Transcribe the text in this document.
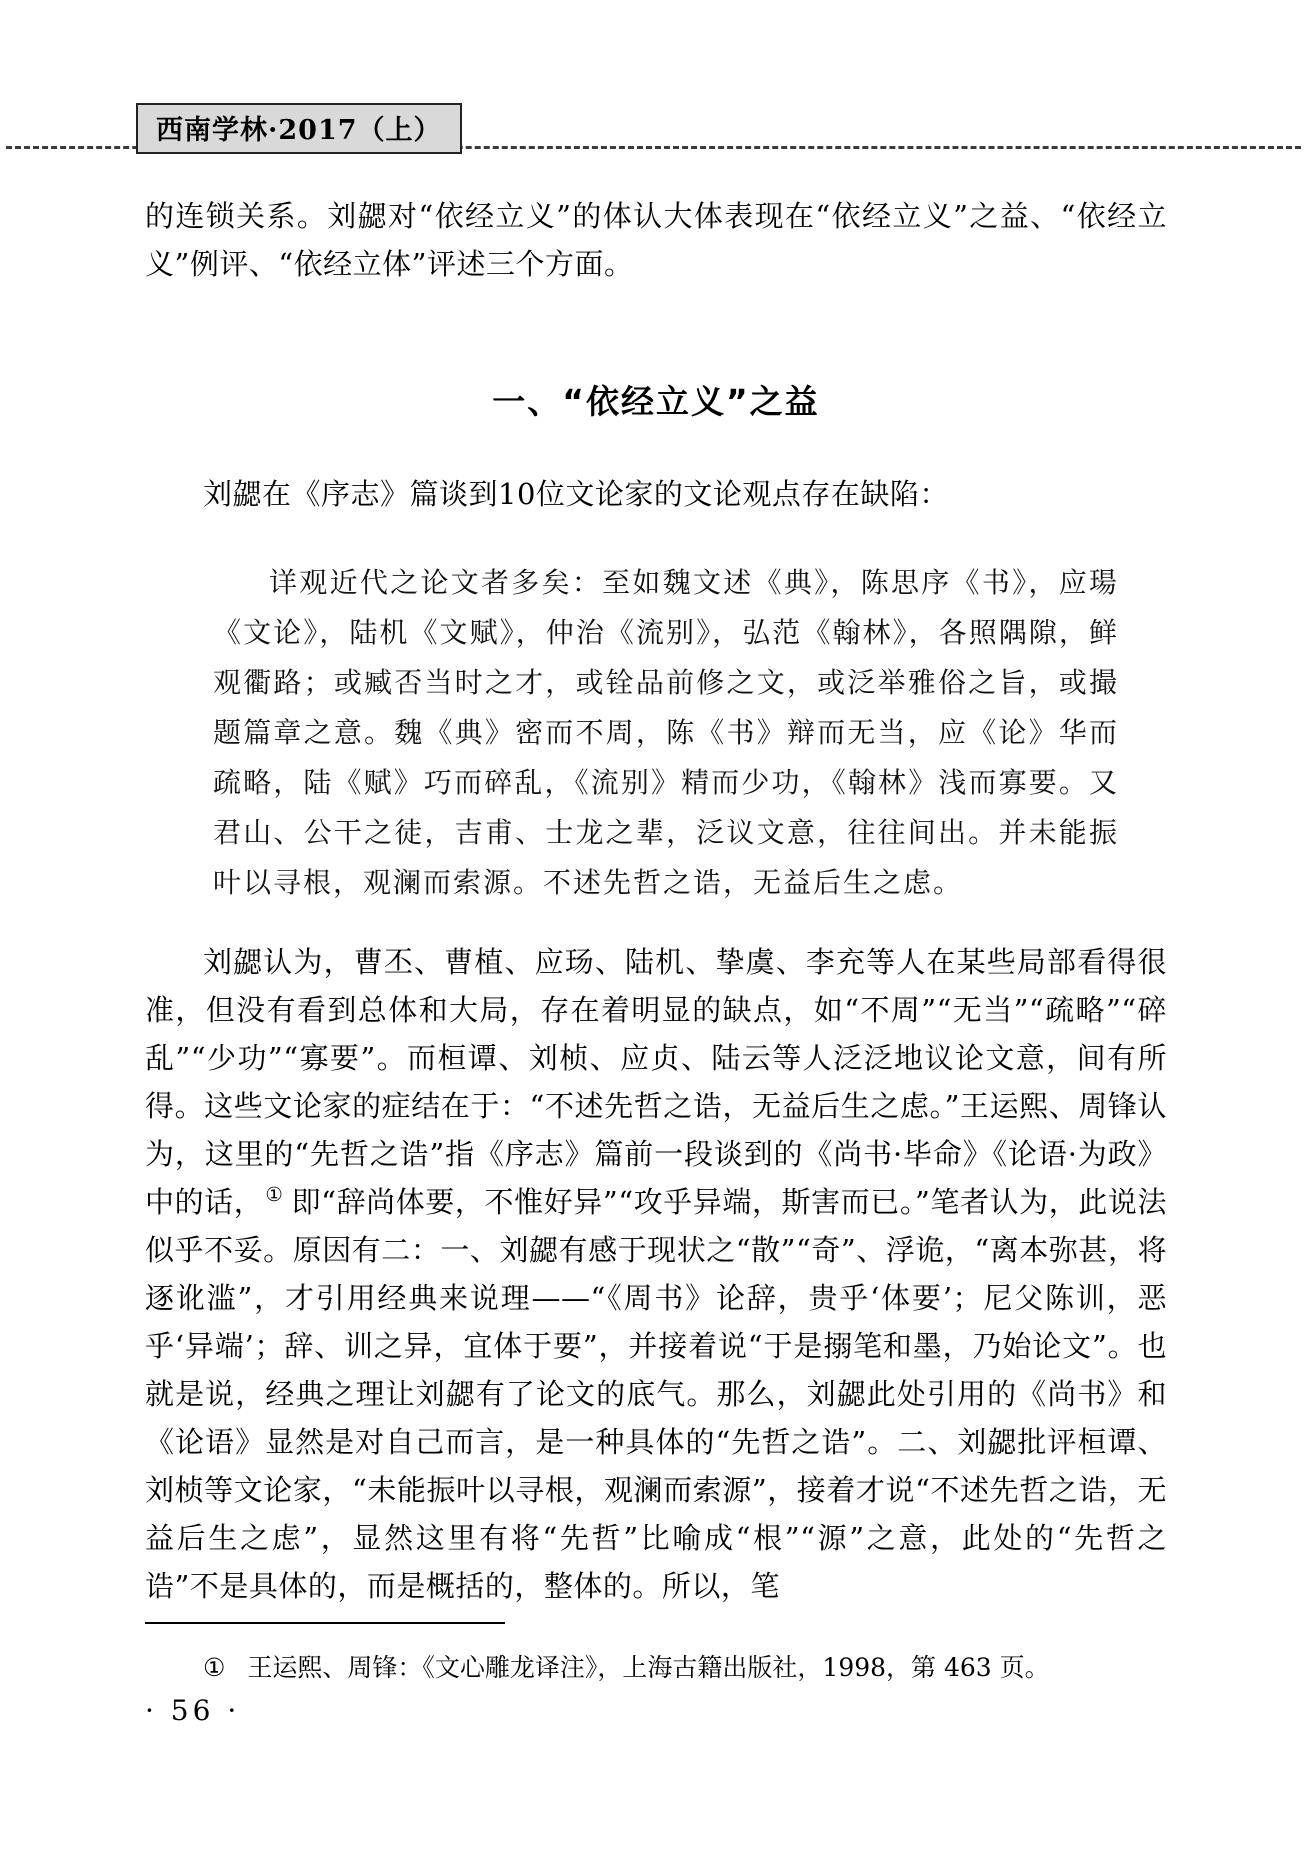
西南学林·2017（上）

的连锁关系。刘勰对“依经立义”的体认大体表现在“依经立义”之益、“依经立义”例评、“依经立体”评述三个方面。

一、“依经立义”之益

刘勰在《序志》篇谈到10位文论家的文论观点存在缺陷：

详观近代之论文者多矣：至如魏文述《典》，陈思序《书》，应瑒《文论》，陆机《文赋》，仲治《流别》，弘范《翰林》，各照隅隙，鲜观衢路；或臧否当时之才，或铨品前修之文，或泛举雅俗之旨，或撮题篇章之意。魏《典》密而不周，陈《书》辩而无当，应《论》华而疏略，陆《赋》巧而碎乱，《流别》精而少功，《翰林》浅而寡要。又君山、公干之徒，吉甫、士龙之辈，泛议文意，往往间出。并未能振叶以寻根，观澜而索源。不述先哲之诰，无益后生之虑。

刘勰认为，曹丕、曹植、应玚、陆机、挚虞、李充等人在某些局部看得很准，但没有看到总体和大局，存在着明显的缺点，如“不周”“无当”“疏略”“碎乱”“少功”“寡要”。而桓谭、刘桢、应贞、陆云等人泛泛地议论文意，间有所得。这些文论家的症结在于：“不述先哲之诰，无益后生之虑。”王运熙、周锋认为，这里的“先哲之诰”指《序志》篇前一段谈到的《尚书·毕命》《论语·为政》中的话， ① 即“辞尚体要，不惟好异”“攻乎异端，斯害而已。”笔者认为，此说法似乎不妥。原因有二：一、刘勰有感于现状之“散”“奇”、浮诡，“离本弥甚，将逐讹滥”，才引用经典来说理——“《周书》论辞，贵乎‘体要’；尼父陈训，恶乎‘异端’；辞、训之异，宜体于要”，并接着说“于是搦笔和墨，乃始论文”。也就是说，经典之理让刘勰有了论文的底气。那么，刘勰此处引用的《尚书》和《论语》显然是对自己而言，是一种具体的“先哲之诰”。二、刘勰批评桓谭、刘桢等文论家，“未能振叶以寻根，观澜而索源”，接着才说“不述先哲之诰，无益后生之虑”，显然这里有将“先哲”比喻成“根”“源”之意，此处的“先哲之诰”不是具体的，而是概括的，整体的。所以，笔

① 王运熙、周锋：《文心雕龙译注》，上海古籍出版社，1998，第 463 页。
· 56 ·
